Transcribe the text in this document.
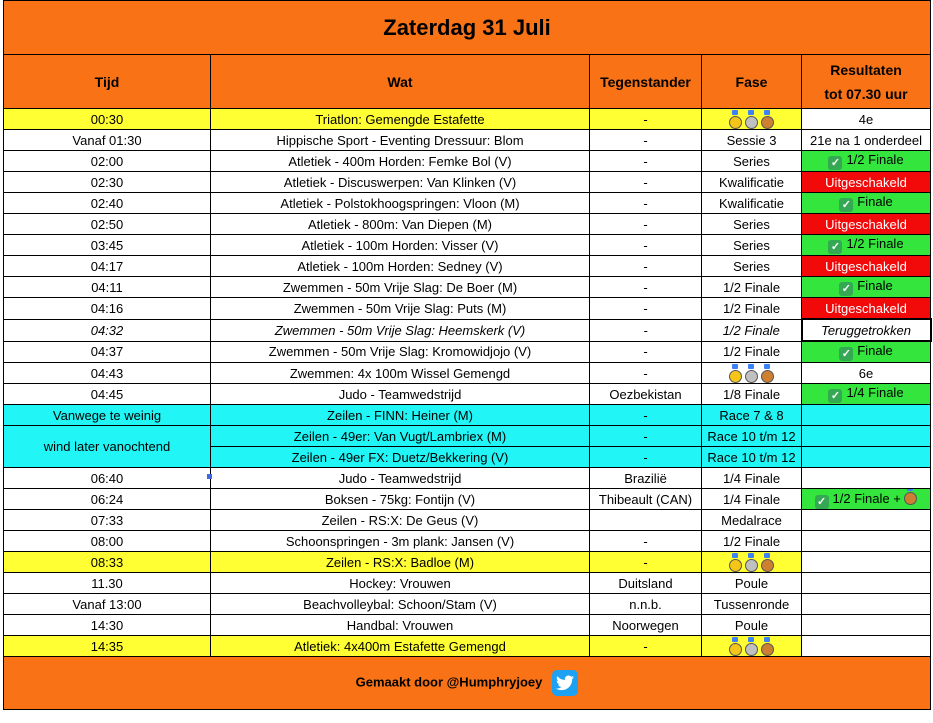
Zaterdag 31 Juli				
Tijd	Wat	Tegenstander	Fase	Resultaten
tot 07.30 uur
00:30	Triatlon: Gemengde Estafette	-		4e
Vanaf 01:30	Hippische Sport - Eventing Dressuur: Blom	-	Sessie 3	21e na 1 onderdeel
02:00	Atletiek - 400m Horden: Femke Bol (V)	-	Series	✓ 1/2 Finale
02:30	Atletiek - Discuswerpen: Van Klinken (V)	-	Kwalificatie	Uitgeschakeld
02:40	Atletiek - Polstokhoogspringen: Vloon (M)	-	Kwalificatie	✓ Finale
02:50	Atletiek - 800m: Van Diepen (M)	-	Series	Uitgeschakeld
03:45	Atletiek - 100m Horden: Visser (V)	-	Series	✓ 1/2 Finale
04:17	Atletiek - 100m Horden: Sedney (V)	-	Series	Uitgeschakeld
04:11	Zwemmen - 50m Vrije Slag: De Boer (M)	-	1/2 Finale	✓ Finale
04:16	Zwemmen - 50m Vrije Slag: Puts (M)	-	1/2 Finale	Uitgeschakeld
04:32	Zwemmen - 50m Vrije Slag: Heemskerk (V)	-	1/2 Finale	Teruggetrokken
04:37	Zwemmen - 50m Vrije Slag: Kromowidjojo (V)	-	1/2 Finale	✓ Finale
04:43	Zwemmen: 4x 100m Wissel Gemengd	-		6e
04:45	Judo - Teamwedstrijd	Oezbekistan	1/8 Finale	✓ 1/4 Finale
Vanwege te weinig	Zeilen - FINN: Heiner (M)	-	Race 7 & 8	
wind later vanochtend	Zeilen - 49er: Van Vugt/Lambriex (M)	-	Race 10 t/m 12	
	Zeilen - 49er FX: Duetz/Bekkering (V)	-	Race 10 t/m 12	
06:40	Judo - Teamwedstrijd	Brazilië	1/4 Finale	
06:24	Boksen - 75kg: Fontijn (V)	Thibeault (CAN)	1/4 Finale	✓ 1/2 Finale +
07:33	Zeilen - RS:X: De Geus (V)		Medalrace	
08:00	Schoonspringen - 3m plank: Jansen (V)	-	1/2 Finale	
08:33	Zeilen - RS:X: Badloe (M)	-	

11.30	Hockey: Vrouwen	Duitsland	Poule	
Vanaf 13:00	Beachvolleybal: Schoon/Stam (V)	n.n.b.	Tussenronde	
14:30	Handbal: Vrouwen	Noorwegen	Poule	
14:35	Atletiek: 4x400m Estafette Gemengd	-	

Gemaakt door @Humphryjoey				
